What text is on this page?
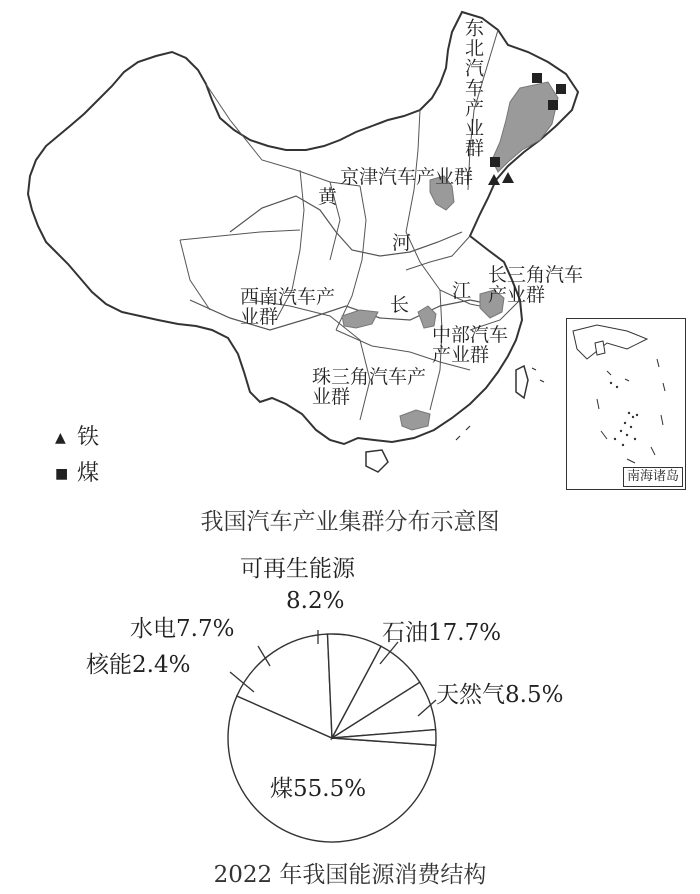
南海诸岛
东北汽车产业群
京津汽车产业群
西南汽车产业群
长三角汽车产业群
中部汽车产业群
珠三角汽车产业群
黄
河
长
江
▲ 铁
■ 煤
我国汽车产业集群分布示意图
可再生能源
8.2%
石油17.7%
天然气8.5%
煤55.5%
水电7.7%
核能2.4%
2022 年我国能源消费结构
